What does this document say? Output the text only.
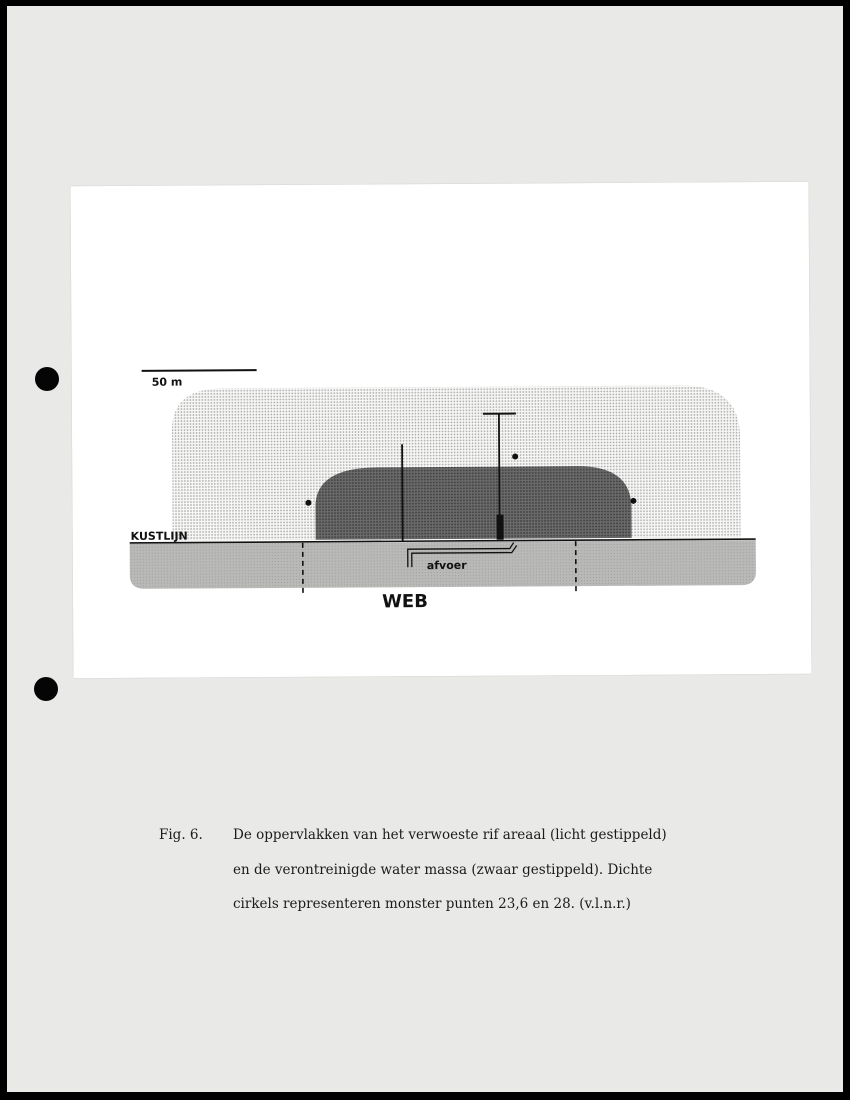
50 m
KUSTLIJN
afvoer
WEB
Fig. 6. De oppervlakken van het verwoeste rif areaal (licht gestippeld)
en de verontreinigde water massa (zwaar gestippeld). Dichte
cirkels representeren monster punten 23,6 en 28. (v.l.n.r.)
